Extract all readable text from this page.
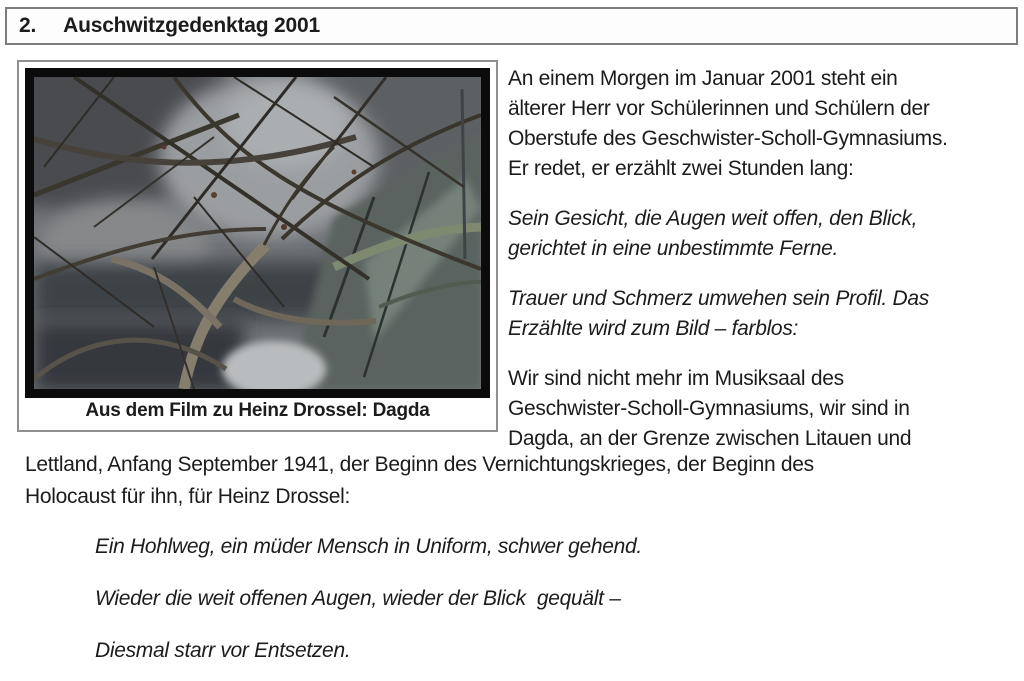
2. Auschwitzgedenktag 2001
Aus dem Film zu Heinz Drossel: Dagda
An einem Morgen im Januar 2001 steht ein
älterer Herr vor Schülerinnen und Schülern der
Oberstufe des Geschwister-Scholl-Gymnasiums.
Er redet, er erzählt zwei Stunden lang:
Sein Gesicht, die Augen weit offen, den Blick,
gerichtet in eine unbestimmte Ferne.
Trauer und Schmerz umwehen sein Profil. Das
Erzählte wird zum Bild – farblos:
Wir sind nicht mehr im Musiksaal des
Geschwister-Scholl-Gymnasiums, wir sind in
Dagda, an der Grenze zwischen Litauen und
Lettland, Anfang September 1941, der Beginn des Vernichtungskrieges, der Beginn des
Holocaust für ihn, für Heinz Drossel:
Ein Hohlweg, ein müder Mensch in Uniform, schwer gehend.
Wieder die weit offenen Augen, wieder der Blick  gequält –
Diesmal starr vor Entsetzen.
